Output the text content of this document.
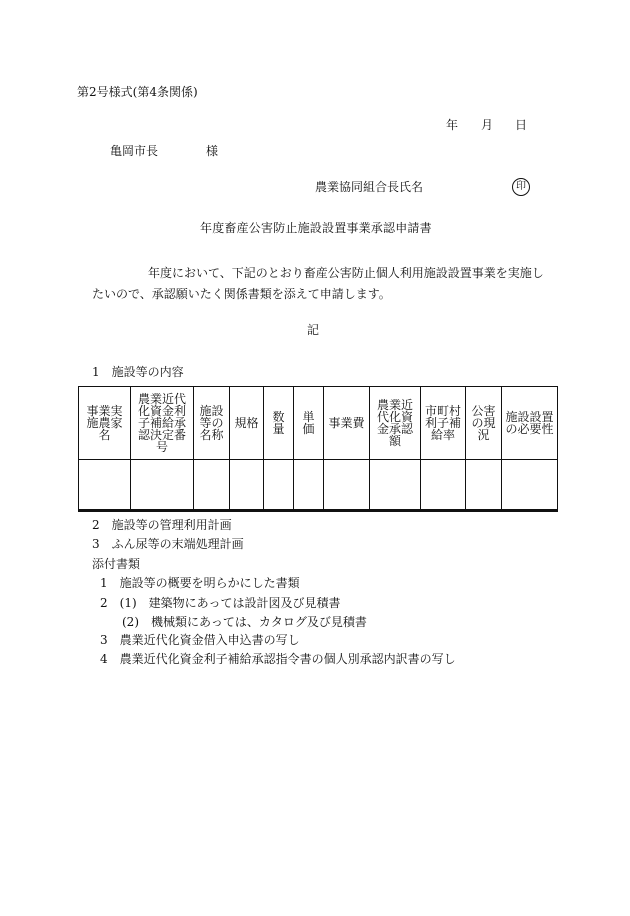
第2号様式(第4条関係)
年 月 日
亀岡市長	様
農業協同組合長氏名	印
年度畜産公害防止施設設置事業承認申請書
年度において、下記のとおり畜産公害防止個人利用施設設置事業を実施したいので、承認願いたく関係書類を添えて申請します。
記
1　施設等の内容
事業実施農家名	農業近代化資金利子補給承認決定番号	施設等の名称	規格	数量	単価	事業費	農業近代化資金承認額	市町村利子補給率	公害の現況	施設設置の必要性

2　施設等の管理利用計画
3　ふん尿等の末端処理計画
添付書類
1　施設等の概要を明らかにした書類
2　(1)　建築物にあっては設計図及び見積書
(2)　機械類にあっては、カタログ及び見積書
3　農業近代化資金借入申込書の写し
4　農業近代化資金利子補給承認指令書の個人別承認内訳書の写し
